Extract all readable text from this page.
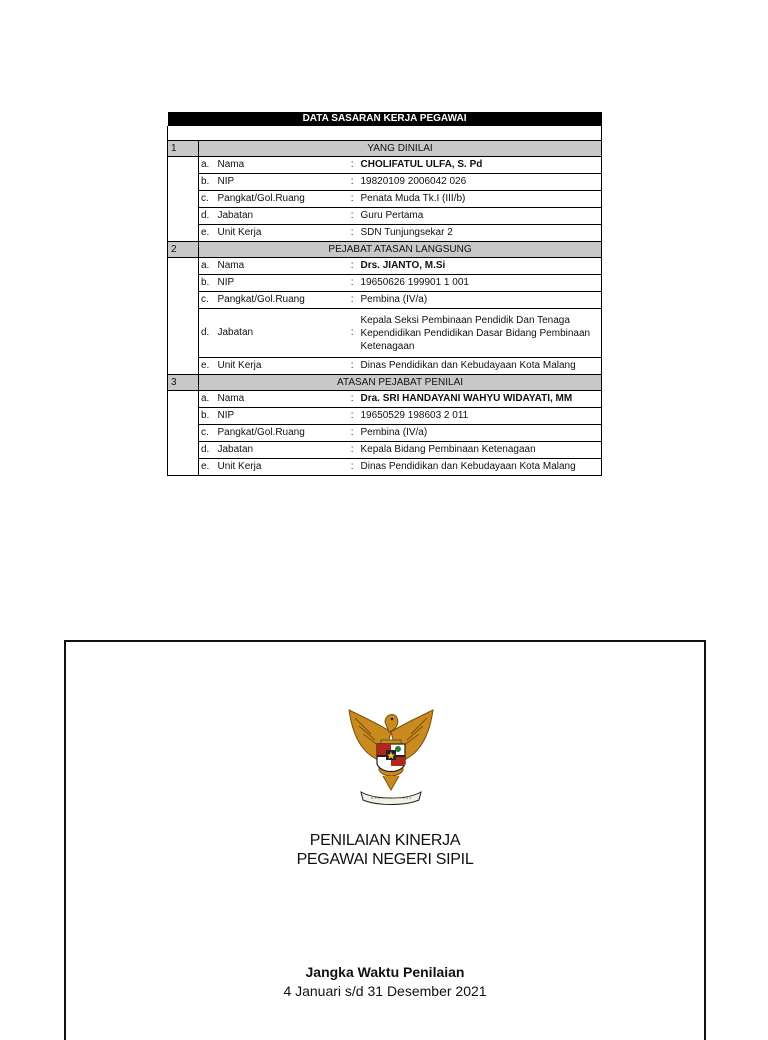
DATA SASARAN KERJA PEGAWAI				

1	YANG DINILAI			
	a.	Nama	:	CHOLIFATUL ULFA, S. Pd
	b.	NIP	:	19820109 2006042 026
	c.	Pangkat/Gol.Ruang	:	Penata Muda Tk.I (III/b)
	d.	Jabatan	:	Guru Pertama
	e.	Unit Kerja	:	SDN Tunjungsekar 2
2	PEJABAT ATASAN LANGSUNG			
	a.	Nama	:	Drs. JIANTO, M.Si
	b.	NIP	:	19650626 199901 1 001
	c.	Pangkat/Gol.Ruang	:	Pembina (IV/a)
	d.	Jabatan	:	Kepala Seksi Pembinaan Pendidik Dan Tenaga Kependidikan Pendidikan Dasar Bidang Pembinaan Ketenagaan
	e.	Unit Kerja	:	Dinas Pendidikan dan Kebudayaan Kota Malang
3	ATASAN PEJABAT PENILAI			
	a.	Nama	:	Dra. SRI HANDAYANI WAHYU WIDAYATI, MM
	b.	NIP	:	19650529 198603 2 011
	c.	Pangkat/Gol.Ruang	:	Pembina (IV/a)
	d.	Jabatan	:	Kepala Bidang Pembinaan Ketenagaan
	e.	Unit Kerja	:	Dinas Pendidikan dan Kebudayaan Kota Malang
PENILAIAN KINERJA
PEGAWAI NEGERI SIPIL
Jangka Waktu Penilaian
4 Januari s/d 31 Desember 2021
